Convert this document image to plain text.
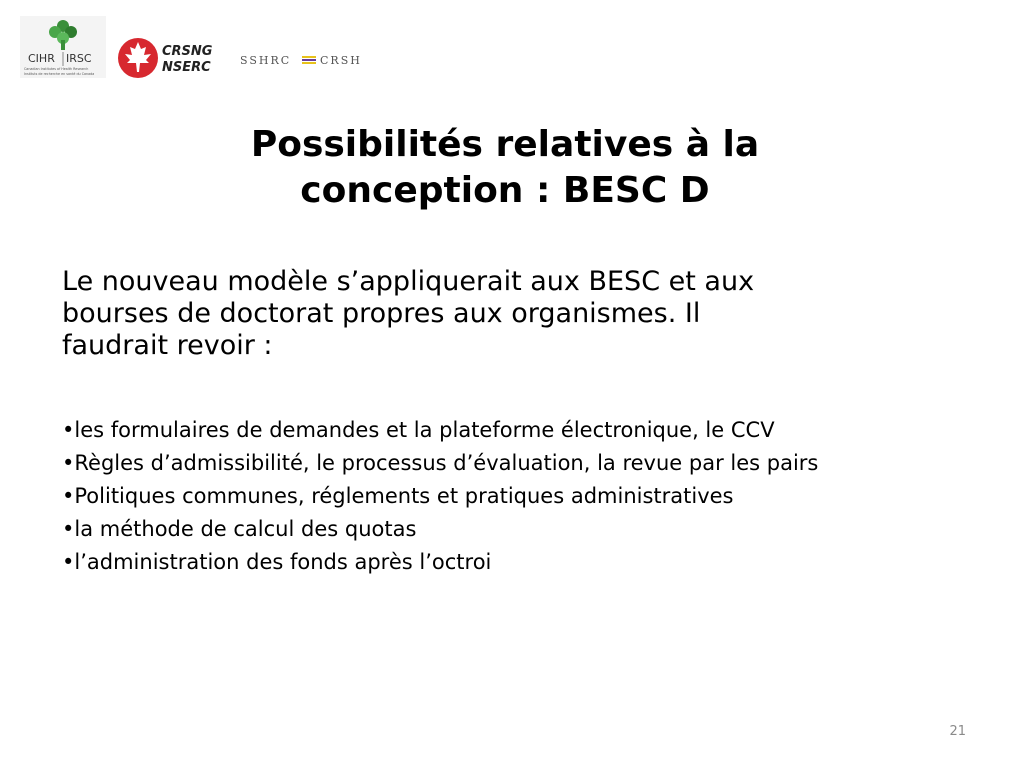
CIHR IRSC
Canadian Institutes of Health Research
Instituts de recherche en santé du Canada
CRSNG
NSERC	SSHRC	CRSH
Possibilités relatives à la
conception : BESC D
Le nouveau modèle s’appliquerait aux BESC et aux
bourses de doctorat propres aux organismes. Il
faudrait revoir :
•les formulaires de demandes et la plateforme électronique, le CCV
•Règles d’admissibilité, le processus d’évaluation, la revue par les pairs
•Politiques communes, réglements et pratiques administratives
•la méthode de calcul des quotas
•l’administration des fonds après l’octroi
21
